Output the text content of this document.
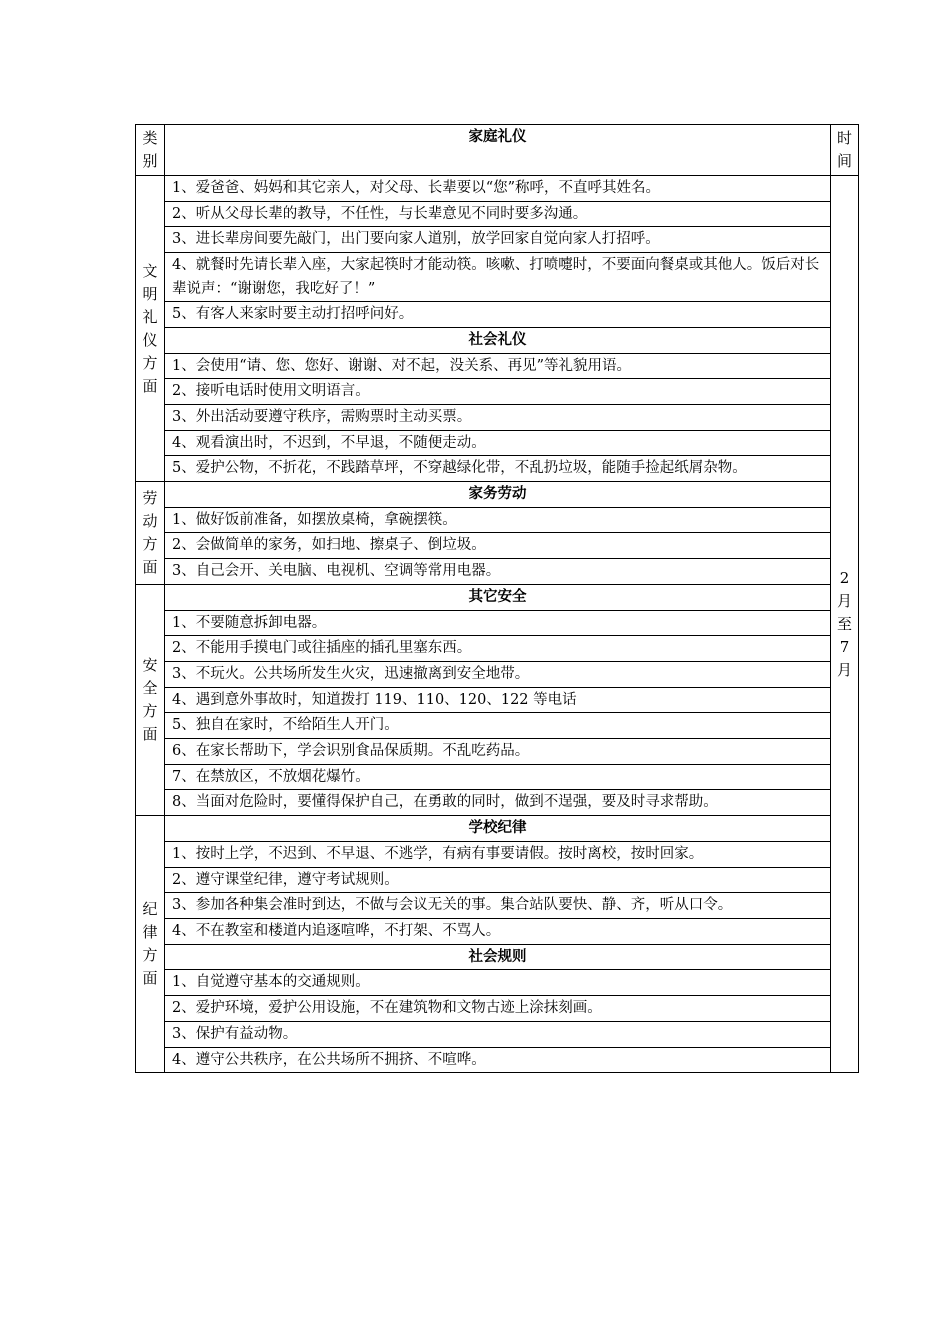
类别	家庭礼仪	时间
文明礼仪方面	1、爱爸爸、妈妈和其它亲人，对父母、长辈要以“您”称呼，不直呼其姓名。	2月至7月
	2、听从父母长辈的教导，不任性，与长辈意见不同时要多沟通。	
	3、进长辈房间要先敲门，出门要向家人道别，放学回家自觉向家人打招呼。	
	4、就餐时先请长辈入座，大家起筷时才能动筷。咳嗽、打喷嚏时，不要面向餐桌或其他人。饭后对长辈说声：“谢谢您，我吃好了！”	
	5、有客人来家时要主动打招呼问好。	
	社会礼仪	
	1、会使用“请、您、您好、谢谢、对不起，没关系、再见”等礼貌用语。	
	2、接听电话时使用文明语言。	
	3、外出活动要遵守秩序，需购票时主动买票。	
	4、观看演出时，不迟到，不早退，不随便走动。	
	5、爱护公物，不折花，不践踏草坪，不穿越绿化带，不乱扔垃圾，能随手捡起纸屑杂物。	
劳动方面	家务劳动	
	1、做好饭前准备，如摆放桌椅，拿碗摆筷。	
	2、会做简单的家务，如扫地、擦桌子、倒垃圾。	
	3、自己会开、关电脑、电视机、空调等常用电器。	
安全方面	其它安全	
	1、不要随意拆卸电器。	
	2、不能用手摸电门或往插座的插孔里塞东西。	
	3、不玩火。公共场所发生火灾，迅速撤离到安全地带。	
	4、遇到意外事故时，知道拨打 119、110、120、122 等电话	
	5、独自在家时，不给陌生人开门。	
	6、在家长帮助下，学会识别食品保质期。不乱吃药品。	
	7、在禁放区，不放烟花爆竹。	
	8、当面对危险时，要懂得保护自己，在勇敢的同时，做到不逞强，要及时寻求帮助。	
纪律方面	学校纪律	
	1、按时上学，不迟到、不早退、不逃学，有病有事要请假。按时离校，按时回家。	
	2、遵守课堂纪律，遵守考试规则。	
	3、参加各种集会准时到达，不做与会议无关的事。集合站队要快、静、齐，听从口令。	
	4、不在教室和楼道内追逐喧哗，不打架、不骂人。	
	社会规则	
	1、自觉遵守基本的交通规则。	
	2、爱护环境，爱护公用设施，不在建筑物和文物古迹上涂抹刻画。	
	3、保护有益动物。	
	4、遵守公共秩序，在公共场所不拥挤、不喧哗。	
